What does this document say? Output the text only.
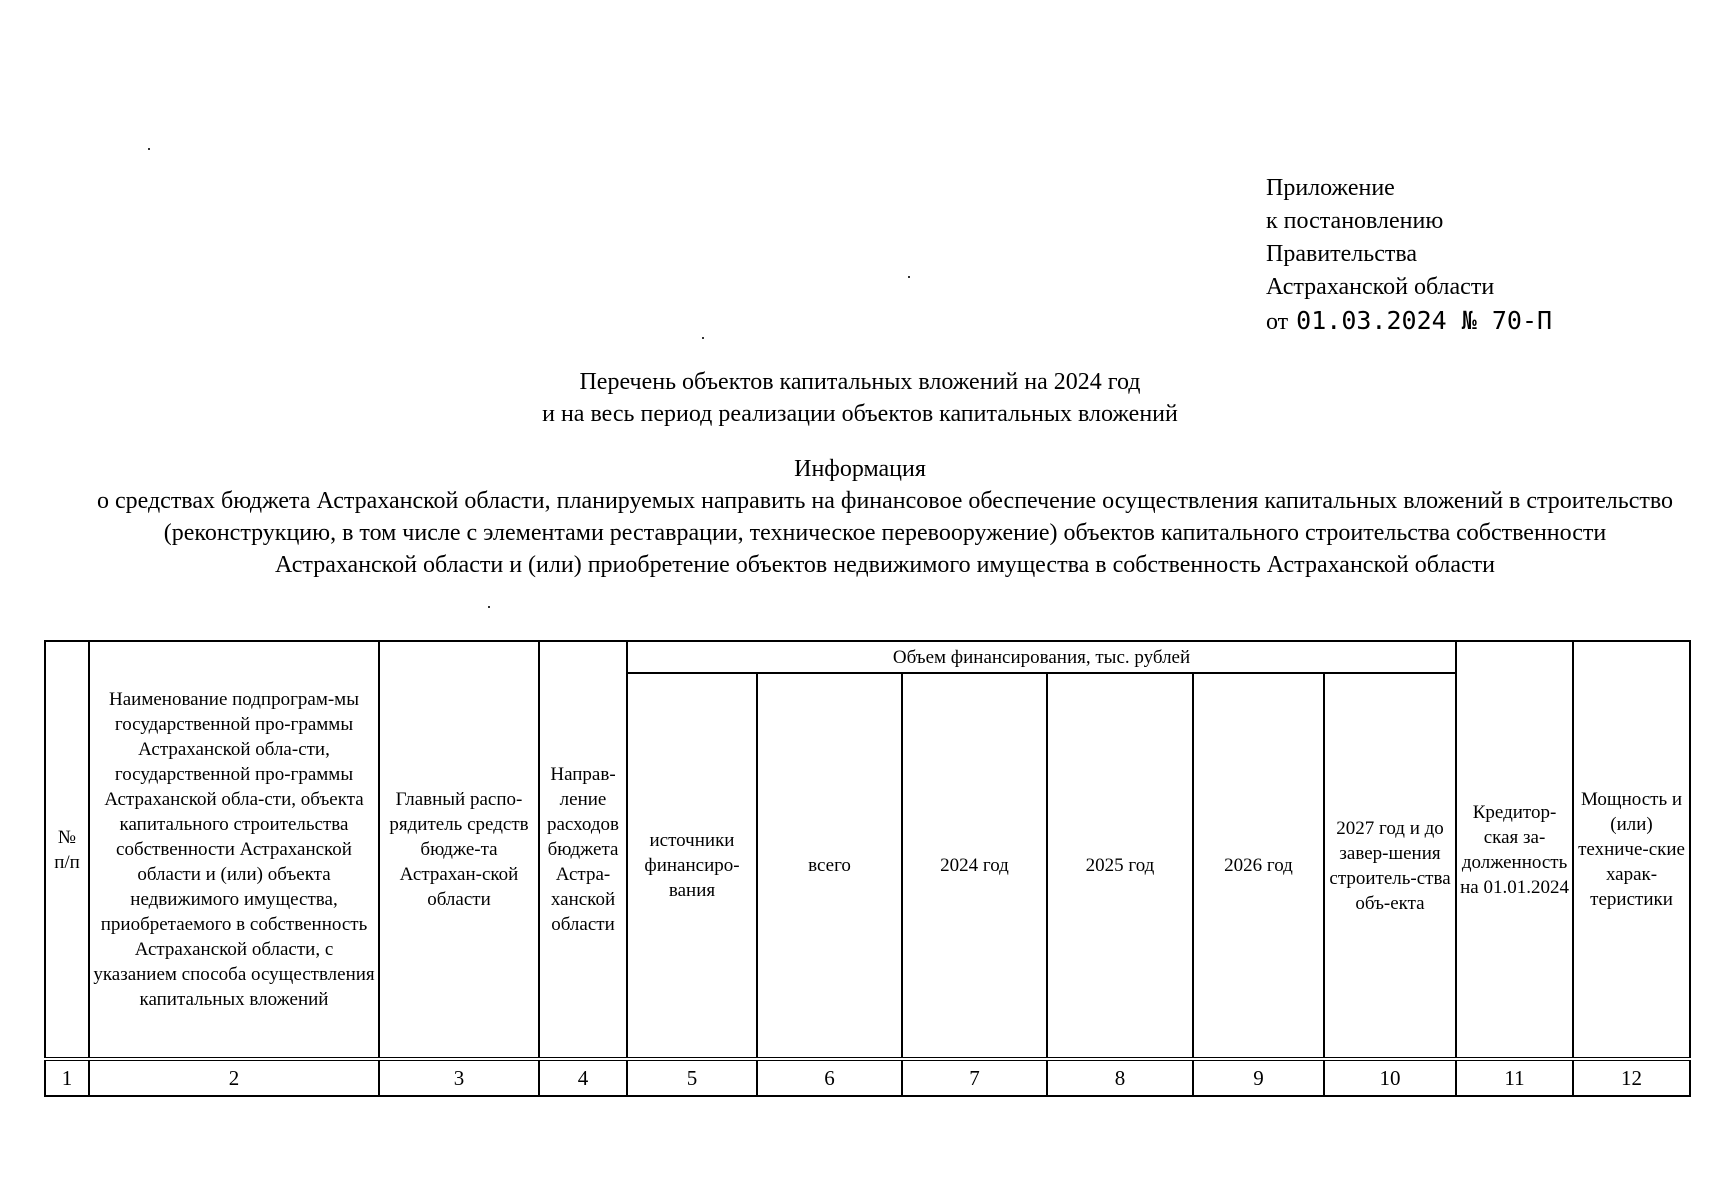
Приложение
к постановлению
Правительства
Астраханской области
от 01.03.2024 № 70-П
Перечень объектов капитальных вложений на 2024 год
и на весь период реализации объектов капитальных вложений
Информация
о средствах бюджета Астраханской области, планируемых направить на финансовое обеспечение осуществления капитальных вложений в строительство (реконструкцию, в том числе с элементами реставрации, техническое перевооружение) объектов капитального строительства собственности Астраханской области и (или) приобретение объектов недвижимого имущества в собственность Астраханской области
№ п/п	Наименование подпрограм-мы государственной про-граммы Астраханской обла-сти, государственной про-граммы Астраханской обла-сти, объекта капитального строительства собственности Астраханской области и (или) объекта недвижимого имущества, приобретаемого в собственность Астраханской области, с указанием способа осуществления капитальных вложений	Главный распо-рядитель средств бюдже-та Астрахан-ской области	Направ-ление расходов бюджета Астра-ханской области	Объем финансирования, тыс. рублей						Кредитор-ская за-долженность на 01.01.2024	Мощность и (или) техниче-ские харак-теристики

				источники финансиро-вания	всего	2024 год	2025 год	2026 год	2027 год и до завер-шения строитель-ства объ-екта		

1	2	3	4	5	6	7	8	9	10	11	12
